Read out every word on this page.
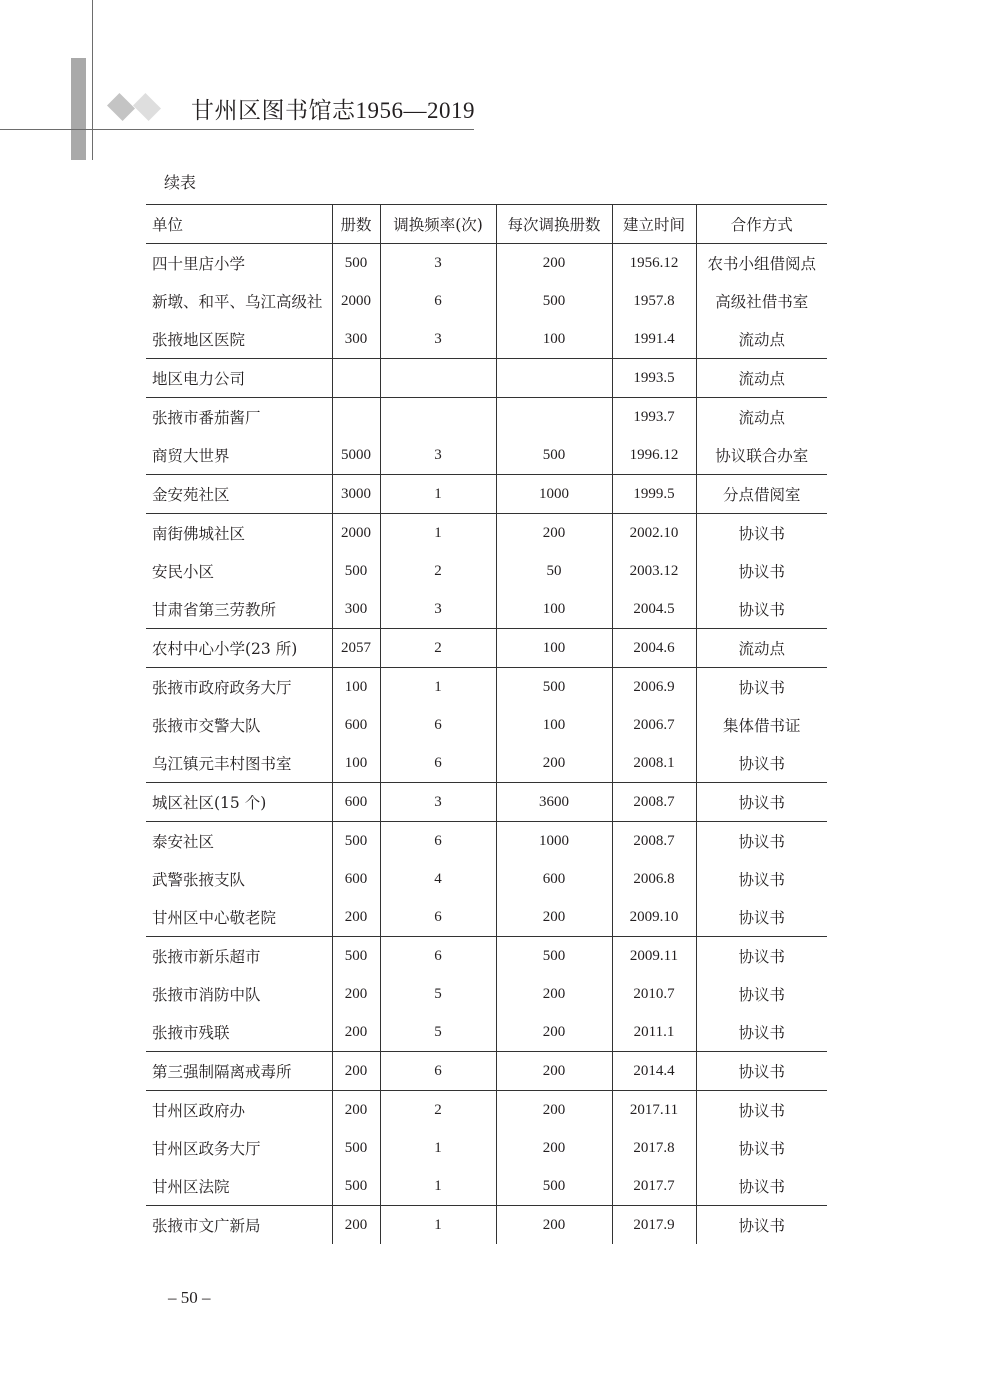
甘州区图书馆志1956—2019
续表
单位	册数	调换频率(次)	每次调换册数	建立时间	合作方式
四十里店小学	500	3	200	1956.12	农书小组借阅点
新墩、和平、乌江高级社	2000	6	500	1957.8	高级社借书室
张掖地区医院	300	3	100	1991.4	流动点
地区电力公司				1993.5	流动点
张掖市番茄酱厂				1993.7	流动点
商贸大世界	5000	3	500	1996.12	协议联合办室
金安苑社区	3000	1	1000	1999.5	分点借阅室
南街佛城社区	2000	1	200	2002.10	协议书
安民小区	500	2	50	2003.12	协议书
甘肃省第三劳教所	300	3	100	2004.5	协议书
农村中心小学(23 所)	2057	2	100	2004.6	流动点
张掖市政府政务大厅	100	1	500	2006.9	协议书
张掖市交警大队	600	6	100	2006.7	集体借书证
乌江镇元丰村图书室	100	6	200	2008.1	协议书
城区社区(15 个)	600	3	3600	2008.7	协议书
泰安社区	500	6	1000	2008.7	协议书
武警张掖支队	600	4	600	2006.8	协议书
甘州区中心敬老院	200	6	200	2009.10	协议书
张掖市新乐超市	500	6	500	2009.11	协议书
张掖市消防中队	200	5	200	2010.7	协议书
张掖市残联	200	5	200	2011.1	协议书
第三强制隔离戒毒所	200	6	200	2014.4	协议书
甘州区政府办	200	2	200	2017.11	协议书
甘州区政务大厅	500	1	200	2017.8	协议书
甘州区法院	500	1	500	2017.7	协议书
张掖市文广新局	200	1	200	2017.9	协议书
– 50 –
